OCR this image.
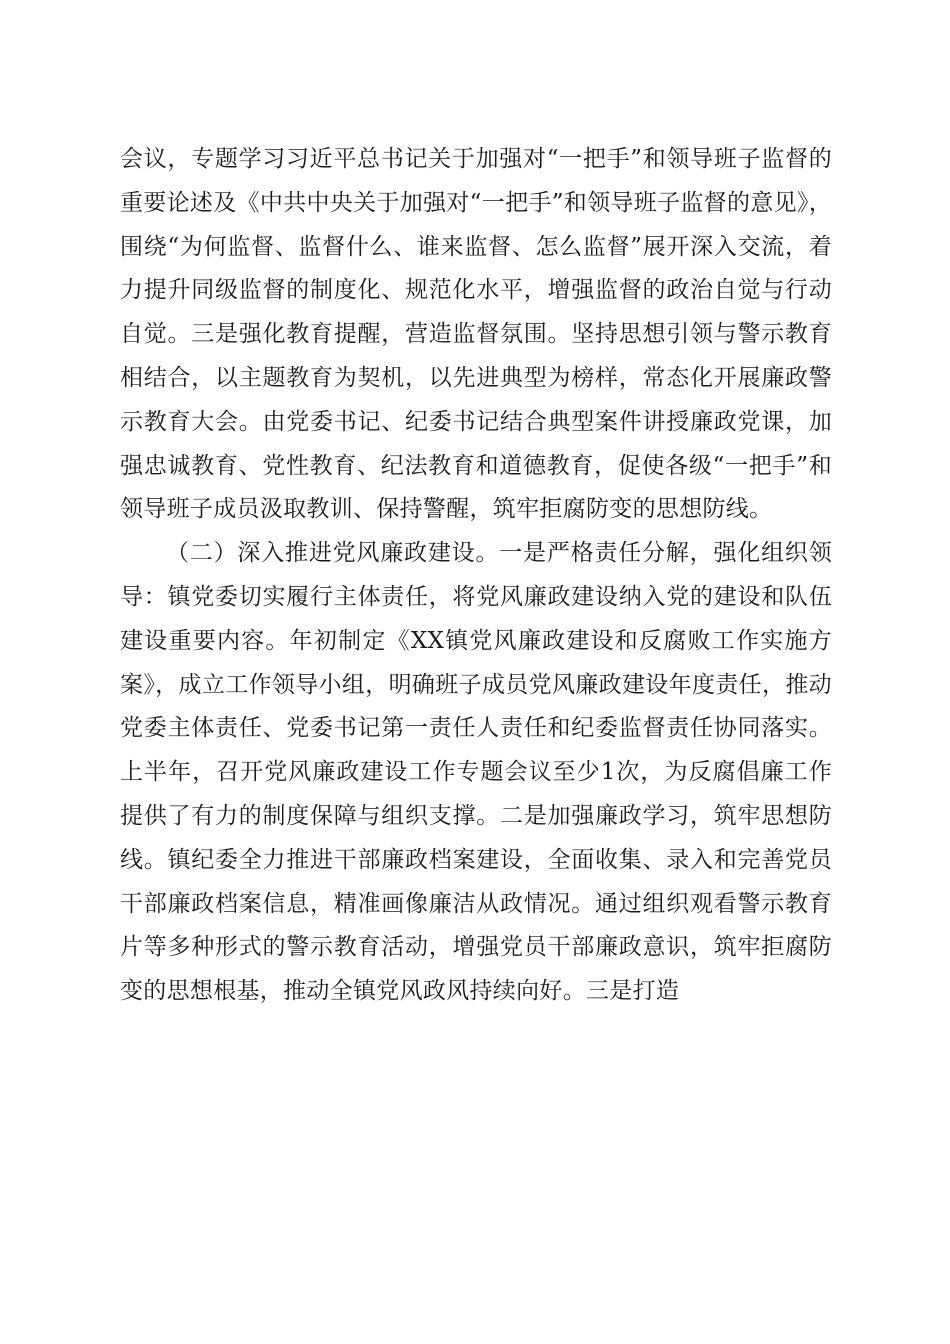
会议，专题学习习近平总书记关于加强对“一把手”和领导班子监督的重要论述及《中共中央关于加强对“一把手”和领导班子监督的意见》，围绕“为何监督、监督什么、谁来监督、怎么监督”展开深入交流，着力提升同级监督的制度化、规范化水平，增强监督的政治自觉与行动自觉。三是强化教育提醒，营造监督氛围。坚持思想引领与警示教育相结合，以主题教育为契机，以先进典型为榜样，常态化开展廉政警示教育大会。由党委书记、纪委书记结合典型案件讲授廉政党课，加强忠诚教育、党性教育、纪法教育和道德教育，促使各级“一把手”和领导班子成员汲取教训、保持警醒，筑牢拒腐防变的思想防线。

（二）深入推进党风廉政建设。一是严格责任分解，强化组织领导：镇党委切实履行主体责任，将党风廉政建设纳入党的建设和队伍建设重要内容。年初制定《XX镇党风廉政建设和反腐败工作实施方案》，成立工作领导小组，明确班子成员党风廉政建设年度责任，推动党委主体责任、党委书记第一责任人责任和纪委监督责任协同落实。上半年，召开党风廉政建设工作专题会议至少1次，为反腐倡廉工作提供了有力的制度保障与组织支撑。二是加强廉政学习，筑牢思想防线。镇纪委全力推进干部廉政档案建设，全面收集、录入和完善党员干部廉政档案信息，精准画像廉洁从政情况。通过组织观看警示教育片等多种形式的警示教育活动，增强党员干部廉政意识，筑牢拒腐防变的思想根基，推动全镇党风政风持续向好。三是打造
